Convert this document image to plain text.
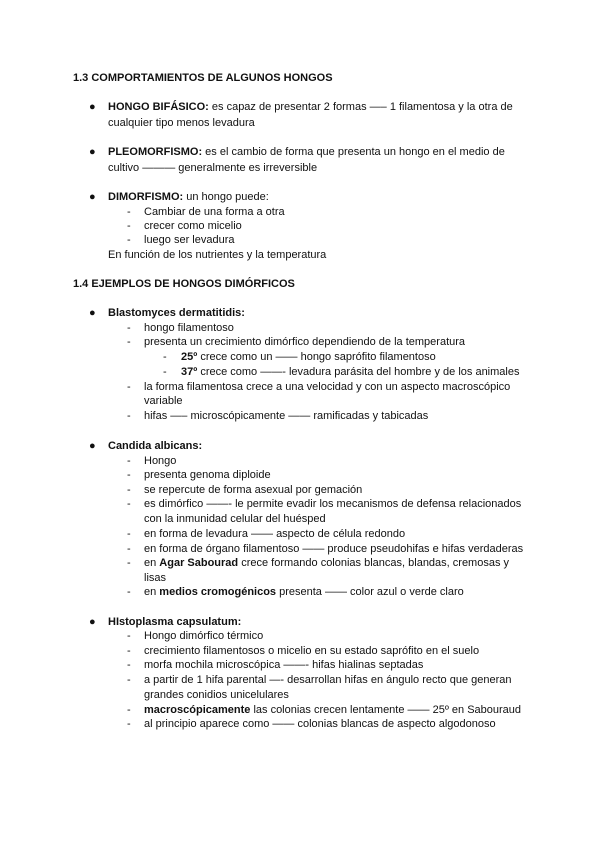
1.3 COMPORTAMIENTOS DE ALGUNOS HONGOS
● HONGO BIFÁSICO: es capaz de presentar 2 formas —– 1 filamentosa y la otra de
cualquier tipo menos levadura
● PLEOMORFISMO: es el cambio de forma que presenta un hongo en el medio de
cultivo ——— generalmente es irreversible
● DIMORFISMO: un hongo puede:
- Cambiar de una forma a otra
- crecer como micelio
- luego ser levadura
En función de los nutrientes y la temperatura
1.4 EJEMPLOS DE HONGOS DIMÓRFICOS
● Blastomyces dermatitidis:
- hongo filamentoso
- presenta un crecimiento dimórfico dependiendo de la temperatura
- 25º crece como un —— hongo saprófito filamentoso
- 37º crece como ——- levadura parásita del hombre y de los animales
- la forma filamentosa crece a una velocidad y con un aspecto macroscópico
variable
- hifas —– microscópicamente —— ramificadas y tabicadas
● Candida albicans:
- Hongo
- presenta genoma diploide
- se repercute de forma asexual por gemación
- es dimórfico ——- le permite evadir los mecanismos de defensa relacionados
con la inmunidad celular del huésped
- en forma de levadura —— aspecto de célula redondo
- en forma de órgano filamentoso —— produce pseudohifas e hifas verdaderas
- en Agar Sabourad crece formando colonias blancas, blandas, cremosas y
lisas
- en medios cromogénicos presenta —— color azul o verde claro
● HIstoplasma capsulatum:
- Hongo dimórfico térmico
- crecimiento filamentosos o micelio en su estado saprófito en el suelo
- morfa mochila microscópica ——- hifas hialinas septadas
- a partir de 1 hifa parental —- desarrollan hifas en ángulo recto que generan
grandes conidios unicelulares
- macroscópicamente las colonias crecen lentamente —— 25º en Sabouraud
- al principio aparece como —— colonias blancas de aspecto algodonoso
